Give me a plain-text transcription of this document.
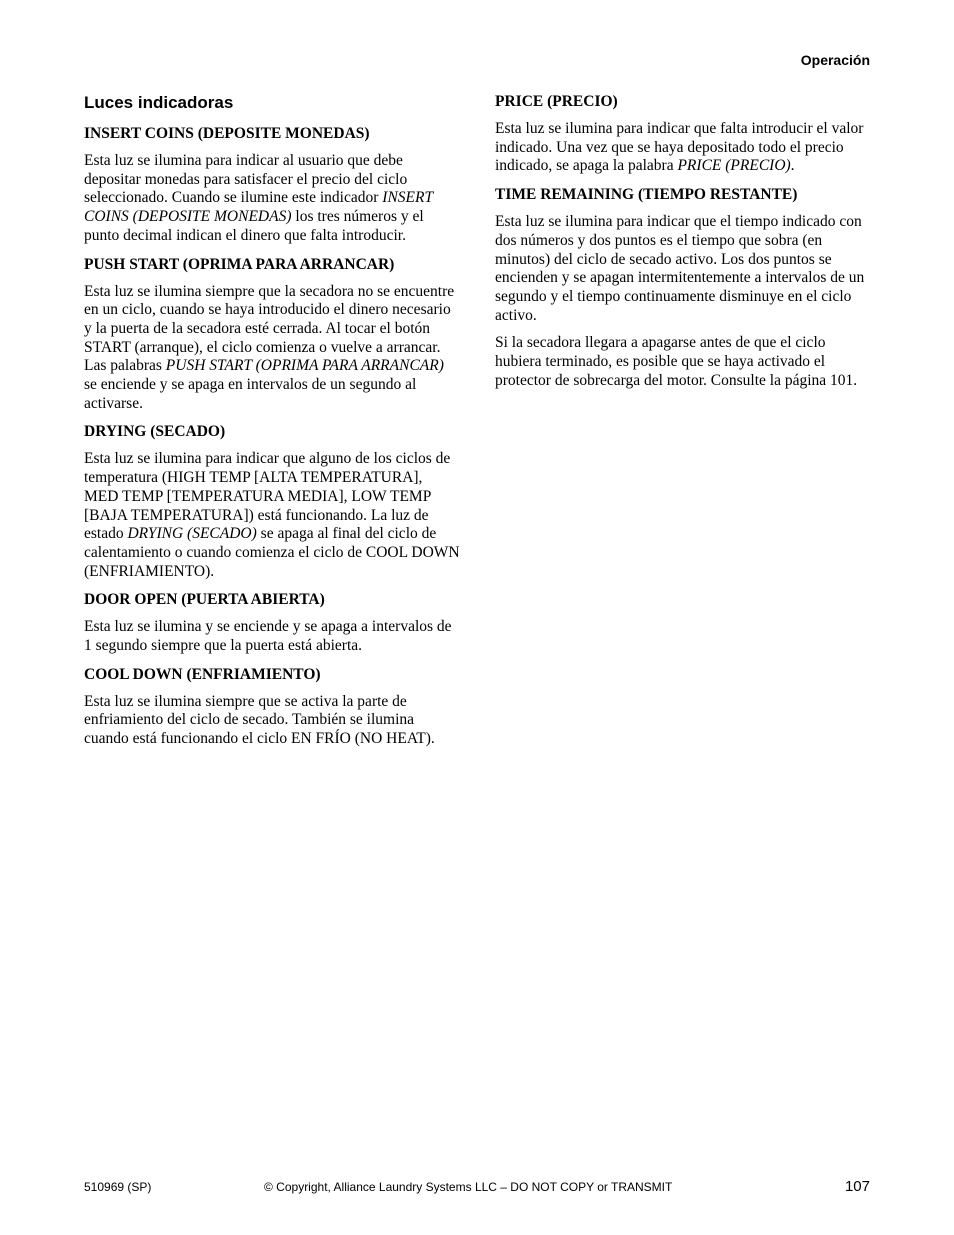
Operación
Luces indicadoras
INSERT COINS (DEPOSITE MONEDAS)

Esta luz se ilumina para indicar al usuario que debe depositar monedas para satisfacer el precio del ciclo seleccionado. Cuando se ilumine este indicador INSERT COINS (DEPOSITE MONEDAS) los tres números y el punto decimal indican el dinero que falta introducir.

PUSH START (OPRIMA PARA ARRANCAR)

Esta luz se ilumina siempre que la secadora no se encuentre en un ciclo, cuando se haya introducido el dinero necesario y la puerta de la secadora esté cerrada. Al tocar el botón START (arranque), el ciclo comienza o vuelve a arrancar. Las palabras PUSH START (OPRIMA PARA ARRANCAR) se enciende y se apaga en intervalos de un segundo al activarse.

DRYING (SECADO)

Esta luz se ilumina para indicar que alguno de los ciclos de temperatura (HIGH TEMP [ALTA TEMPERATURA], MED TEMP [TEMPERATURA MEDIA], LOW TEMP [BAJA TEMPERATURA]) está funcionando. La luz de estado DRYING (SECADO) se apaga al final del ciclo de calentamiento o cuando comienza el ciclo de COOL DOWN (ENFRIAMIENTO).

DOOR OPEN (PUERTA ABIERTA)

Esta luz se ilumina y se enciende y se apaga a intervalos de 1 segundo siempre que la puerta está abierta.

COOL DOWN (ENFRIAMIENTO)

Esta luz se ilumina siempre que se activa la parte de enfriamiento del ciclo de secado. También se ilumina cuando está funcionando el ciclo EN FRÍO (NO HEAT).

PRICE (PRECIO)

Esta luz se ilumina para indicar que falta introducir el valor indicado. Una vez que se haya depositado todo el precio indicado, se apaga la palabra PRICE (PRECIO).

TIME REMAINING (TIEMPO RESTANTE)

Esta luz se ilumina para indicar que el tiempo indicado con dos números y dos puntos es el tiempo que sobra (en minutos) del ciclo de secado activo. Los dos puntos se encienden y se apagan intermitentemente a intervalos de un segundo y el tiempo continuamente disminuye en el ciclo activo.

Si la secadora llegara a apagarse antes de que el ciclo hubiera terminado, es posible que se haya activado el protector de sobrecarga del motor. Consulte la página 101.

510969 (SP)	© Copyright, Alliance Laundry Systems LLC – DO NOT COPY or TRANSMIT	107
